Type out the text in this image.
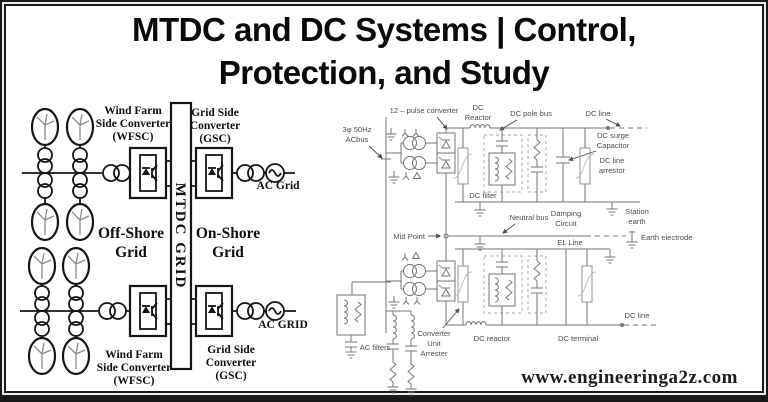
MTDC and DC Systems | Control,
Protection, and Study
Wind Farm
Side Converter
(WFSC)
MTDC GRID
Grid Side
Converter
(GSC)
AC Grid
Off-Shore
Grid
On-Shore
Grid
Wind Farm
Side Converter
(WFSC)
Grid Side
Converter
(GSC)
AC GRID
3φ 50Hz
ACbus
12 – pulse converter DC
Reactor DC pole bus	DC line
DC filter
DC surge
Capacitor
DC line
arrestor
Damping
Circuit
Station
earth
Neutral bus
Mid Point	Earth electrode
EL Line
Converter
Unit
Arrester
DC reactor	DC terminal
DC line
AC filters
www.engineeringa2z.com
